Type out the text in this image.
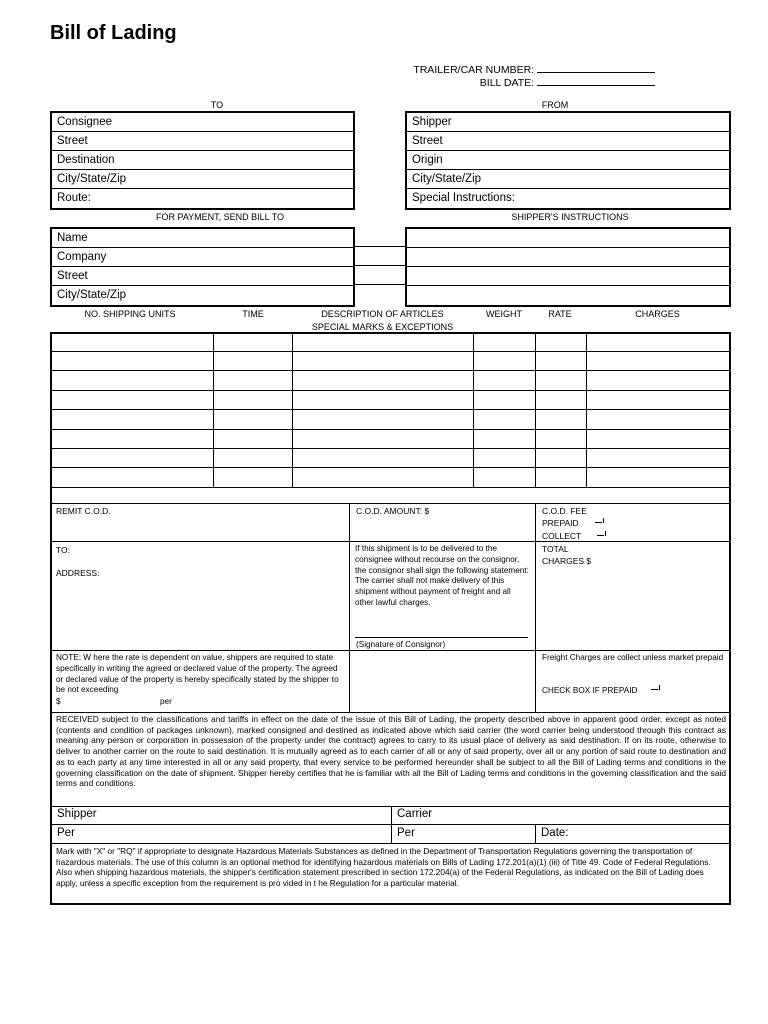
Bill of Lading
TRAILER/CAR NUMBER:
BILL DATE:
TO	FROM
Consignee
Street
Destination
City/State/Zip
Route:
Shipper
Street
Origin
City/State/Zip
Special Instructions:
FOR PAYMENT, SEND BILL TO	SHIPPER'S INSTRUCTIONS
Name
Company
Street
City/State/Zip
NO. SHIPPING UNITS	TIME	DESCRIPTION OF ARTICLES
SPECIAL MARKS & EXCEPTIONS
WEIGHT	RATE	CHARGES
REMIT C.O.D.	C.O.D. AMOUNT: $	C.O.D. FEE
PREPAID
COLLECT
TO:
ADDRESS:
If this shipment is to be delivered to the consignee without recourse on the consignor, the consignor shall sign the following statement: The carrier shall not make delivery of this shipment without payment of freight and all other lawful charges.
(Signature of Consignor)
TOTAL
CHARGES $
NOTE: W here the rate is dependent on value, shippers are required to state specifically in writing the agreed or declared value of the property. The agreed or declared value of the property is hereby specifically stated by the shipper to be not exceeding
$	per
Freight Charges are collect unless market prepaid
CHECK BOX IF PREPAID
RECEIVED subject to the classifications and tariffs in effect on the date of the issue of this Bill of Lading, the property described above in apparent good order, except as noted (contents and condition of packages unknown), marked consigned and destined as indicated above which said carrier (the word carrier being understood through this contract as meaning any person or corporation in possession of the property under the contract) agrees to carry to its usual place of delivery as said destination. If on its route, otherwise to deliver to another carrier on the route to said destination. It is mutually agreed as to each carrier of all or any of said property, over all or any portion of said route to destination and as to each party at any time interested in all or any said property, that every service to be performed hereunder shall be subject to all the Bill of Lading terms and conditions in the governing classification on the date of shipment. Shipper hereby certifies that he is familiar with all the Bill of Lading terms and conditions in the governing classification and the said terms and conditions.
Shipper	Carrier
Per	Per	Date:
Mark with "X" or "RQ" if appropriate to designate Hazardous Materials Substances as defined in the Department of Transportation Regulations governing the transportation of hazardous materials. The use of this column is an optional method for identifying hazardous materials on Bills of Lading 172.201(a)(1) (iii) of Title 49. Code of Federal Regulations. Also when shipping hazardous materials, the shipper's certification statement prescribed in section 172.204(a) of the Federal Regulations, as indicated on the Bill of Lading does apply, unless a specific exception from the requirement is pro vided in t he Regulation for a particular material.
